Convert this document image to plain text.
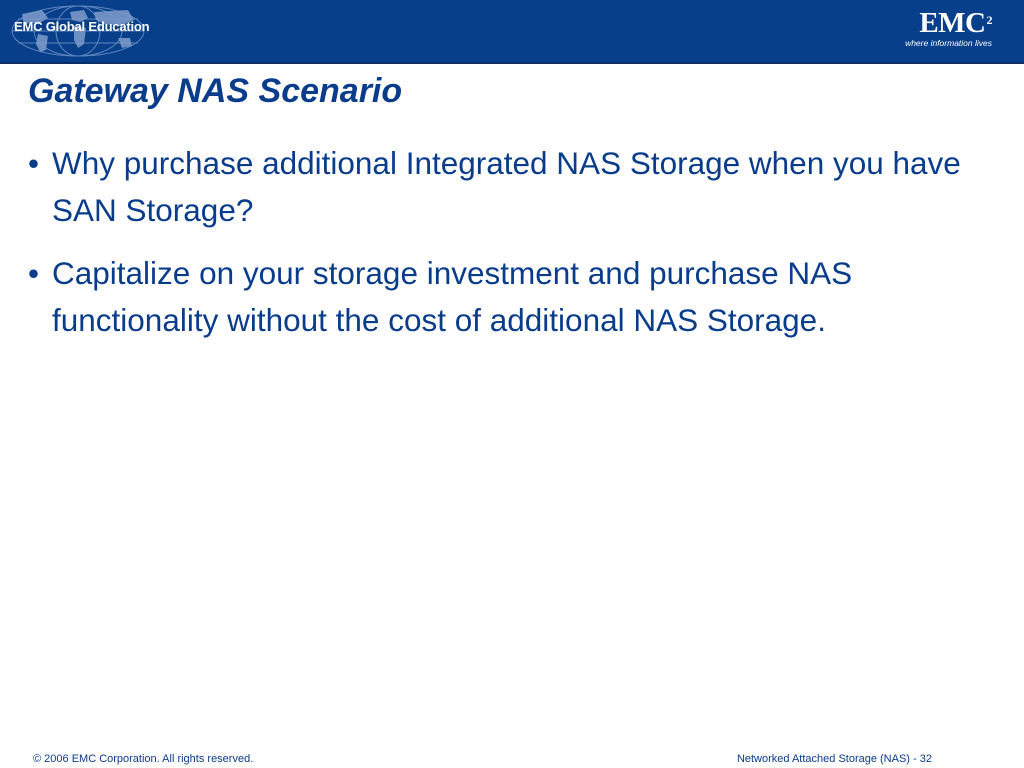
EMC Global Education	EMC$^2$
where information lives
Gateway NAS Scenario
• Why purchase additional Integrated NAS Storage when you have SAN Storage?
• Capitalize on your storage investment and purchase NAS functionality without the cost of additional NAS Storage.
© 2006 EMC Corporation. All rights reserved.	Networked Attached Storage (NAS) - 32
